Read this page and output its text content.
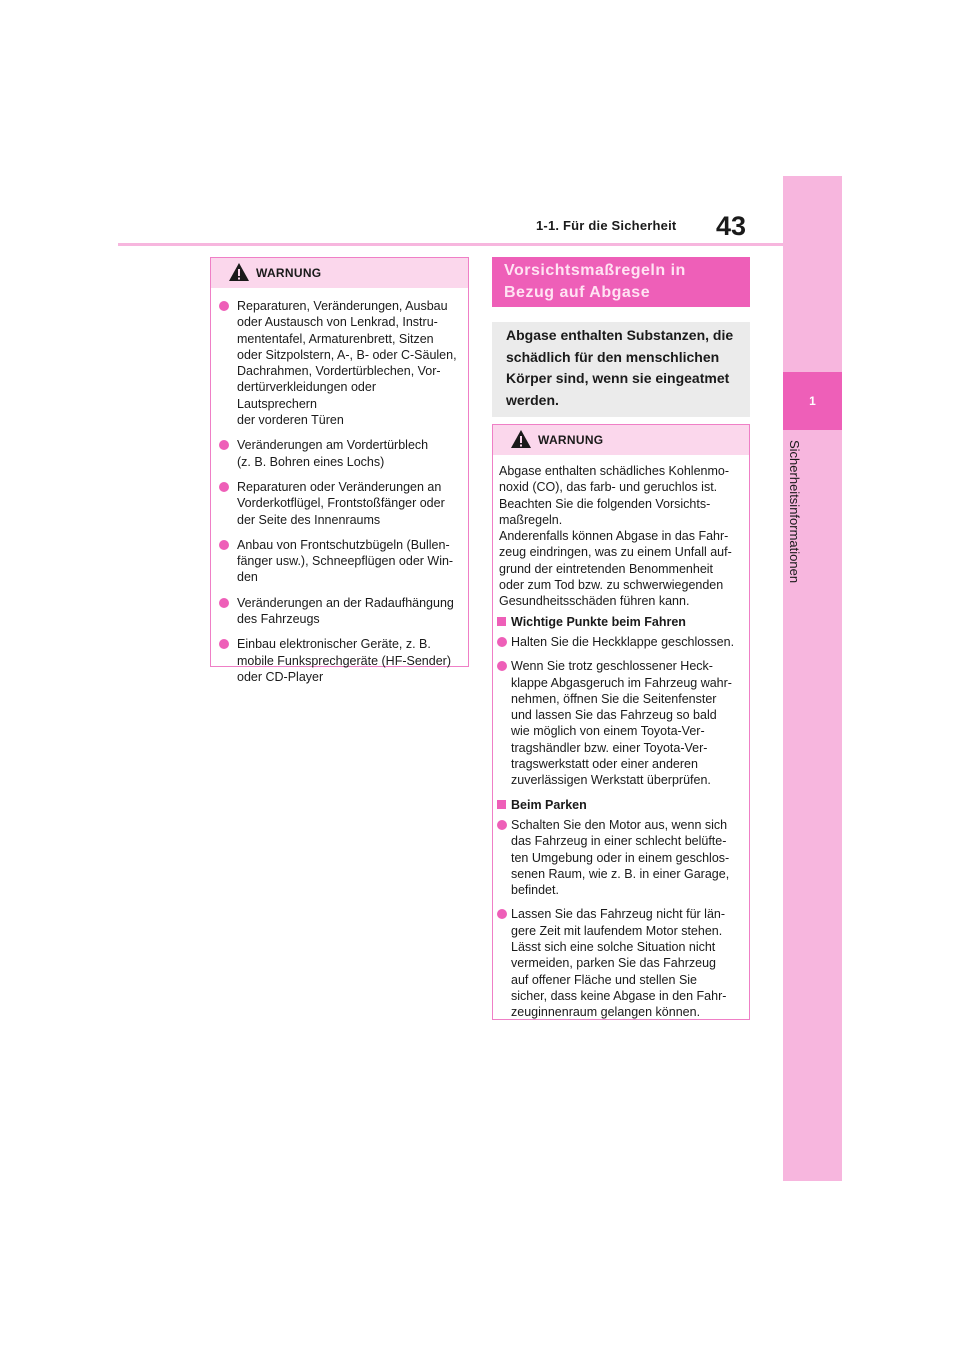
1-1. Für die Sicherheit 43
1
Sicherheitsinformationen
WARNUNG
Reparaturen, Veränderungen, Ausbau
oder Austausch von Lenkrad, Instru-
mententafel, Armaturenbrett, Sitzen
oder Sitzpolstern, A-, B- oder C-Säulen,
Dachrahmen, Vordertürblechen, Vor-
dertürverkleidungen oder Lautsprechern
der vorderen Türen
Veränderungen am Vordertürblech
(z. B. Bohren eines Lochs)
Reparaturen oder Veränderungen an
Vorderkotflügel, Frontstoßfänger oder
der Seite des Innenraums
Anbau von Frontschutzbügeln (Bullen-
fänger usw.), Schneepflügen oder Win-
den
Veränderungen an der Radaufhängung
des Fahrzeugs
Einbau elektronischer Geräte, z. B.
mobile Funksprechgeräte (HF-Sender)
oder CD-Player
Vorsichtsmaßregeln in
Bezug auf Abgase
Abgase enthalten Substanzen, die
schädlich für den menschlichen
Körper sind, wenn sie eingeatmet
werden.
WARNUNG
Abgase enthalten schädliches Kohlenmo-
noxid (CO), das farb- und geruchlos ist.
Beachten Sie die folgenden Vorsichts-
maßregeln.
Anderenfalls können Abgase in das Fahr-
zeug eindringen, was zu einem Unfall auf-
grund der eintretenden Benommenheit
oder zum Tod bzw. zu schwerwiegenden
Gesundheitsschäden führen kann.
Wichtige Punkte beim Fahren
Halten Sie die Heckklappe geschlossen.
Wenn Sie trotz geschlossener Heck-
klappe Abgasgeruch im Fahrzeug wahr-
nehmen, öffnen Sie die Seitenfenster
und lassen Sie das Fahrzeug so bald
wie möglich von einem Toyota-Ver-
tragshändler bzw. einer Toyota-Ver-
tragswerkstatt oder einer anderen
zuverlässigen Werkstatt überprüfen.
Beim Parken
Schalten Sie den Motor aus, wenn sich
das Fahrzeug in einer schlecht belüfte-
ten Umgebung oder in einem geschlos-
senen Raum, wie z. B. in einer Garage,
befindet.
Lassen Sie das Fahrzeug nicht für län-
gere Zeit mit laufendem Motor stehen.
Lässt sich eine solche Situation nicht
vermeiden, parken Sie das Fahrzeug
auf offener Fläche und stellen Sie
sicher, dass keine Abgase in den Fahr-
zeuginnenraum gelangen können.
